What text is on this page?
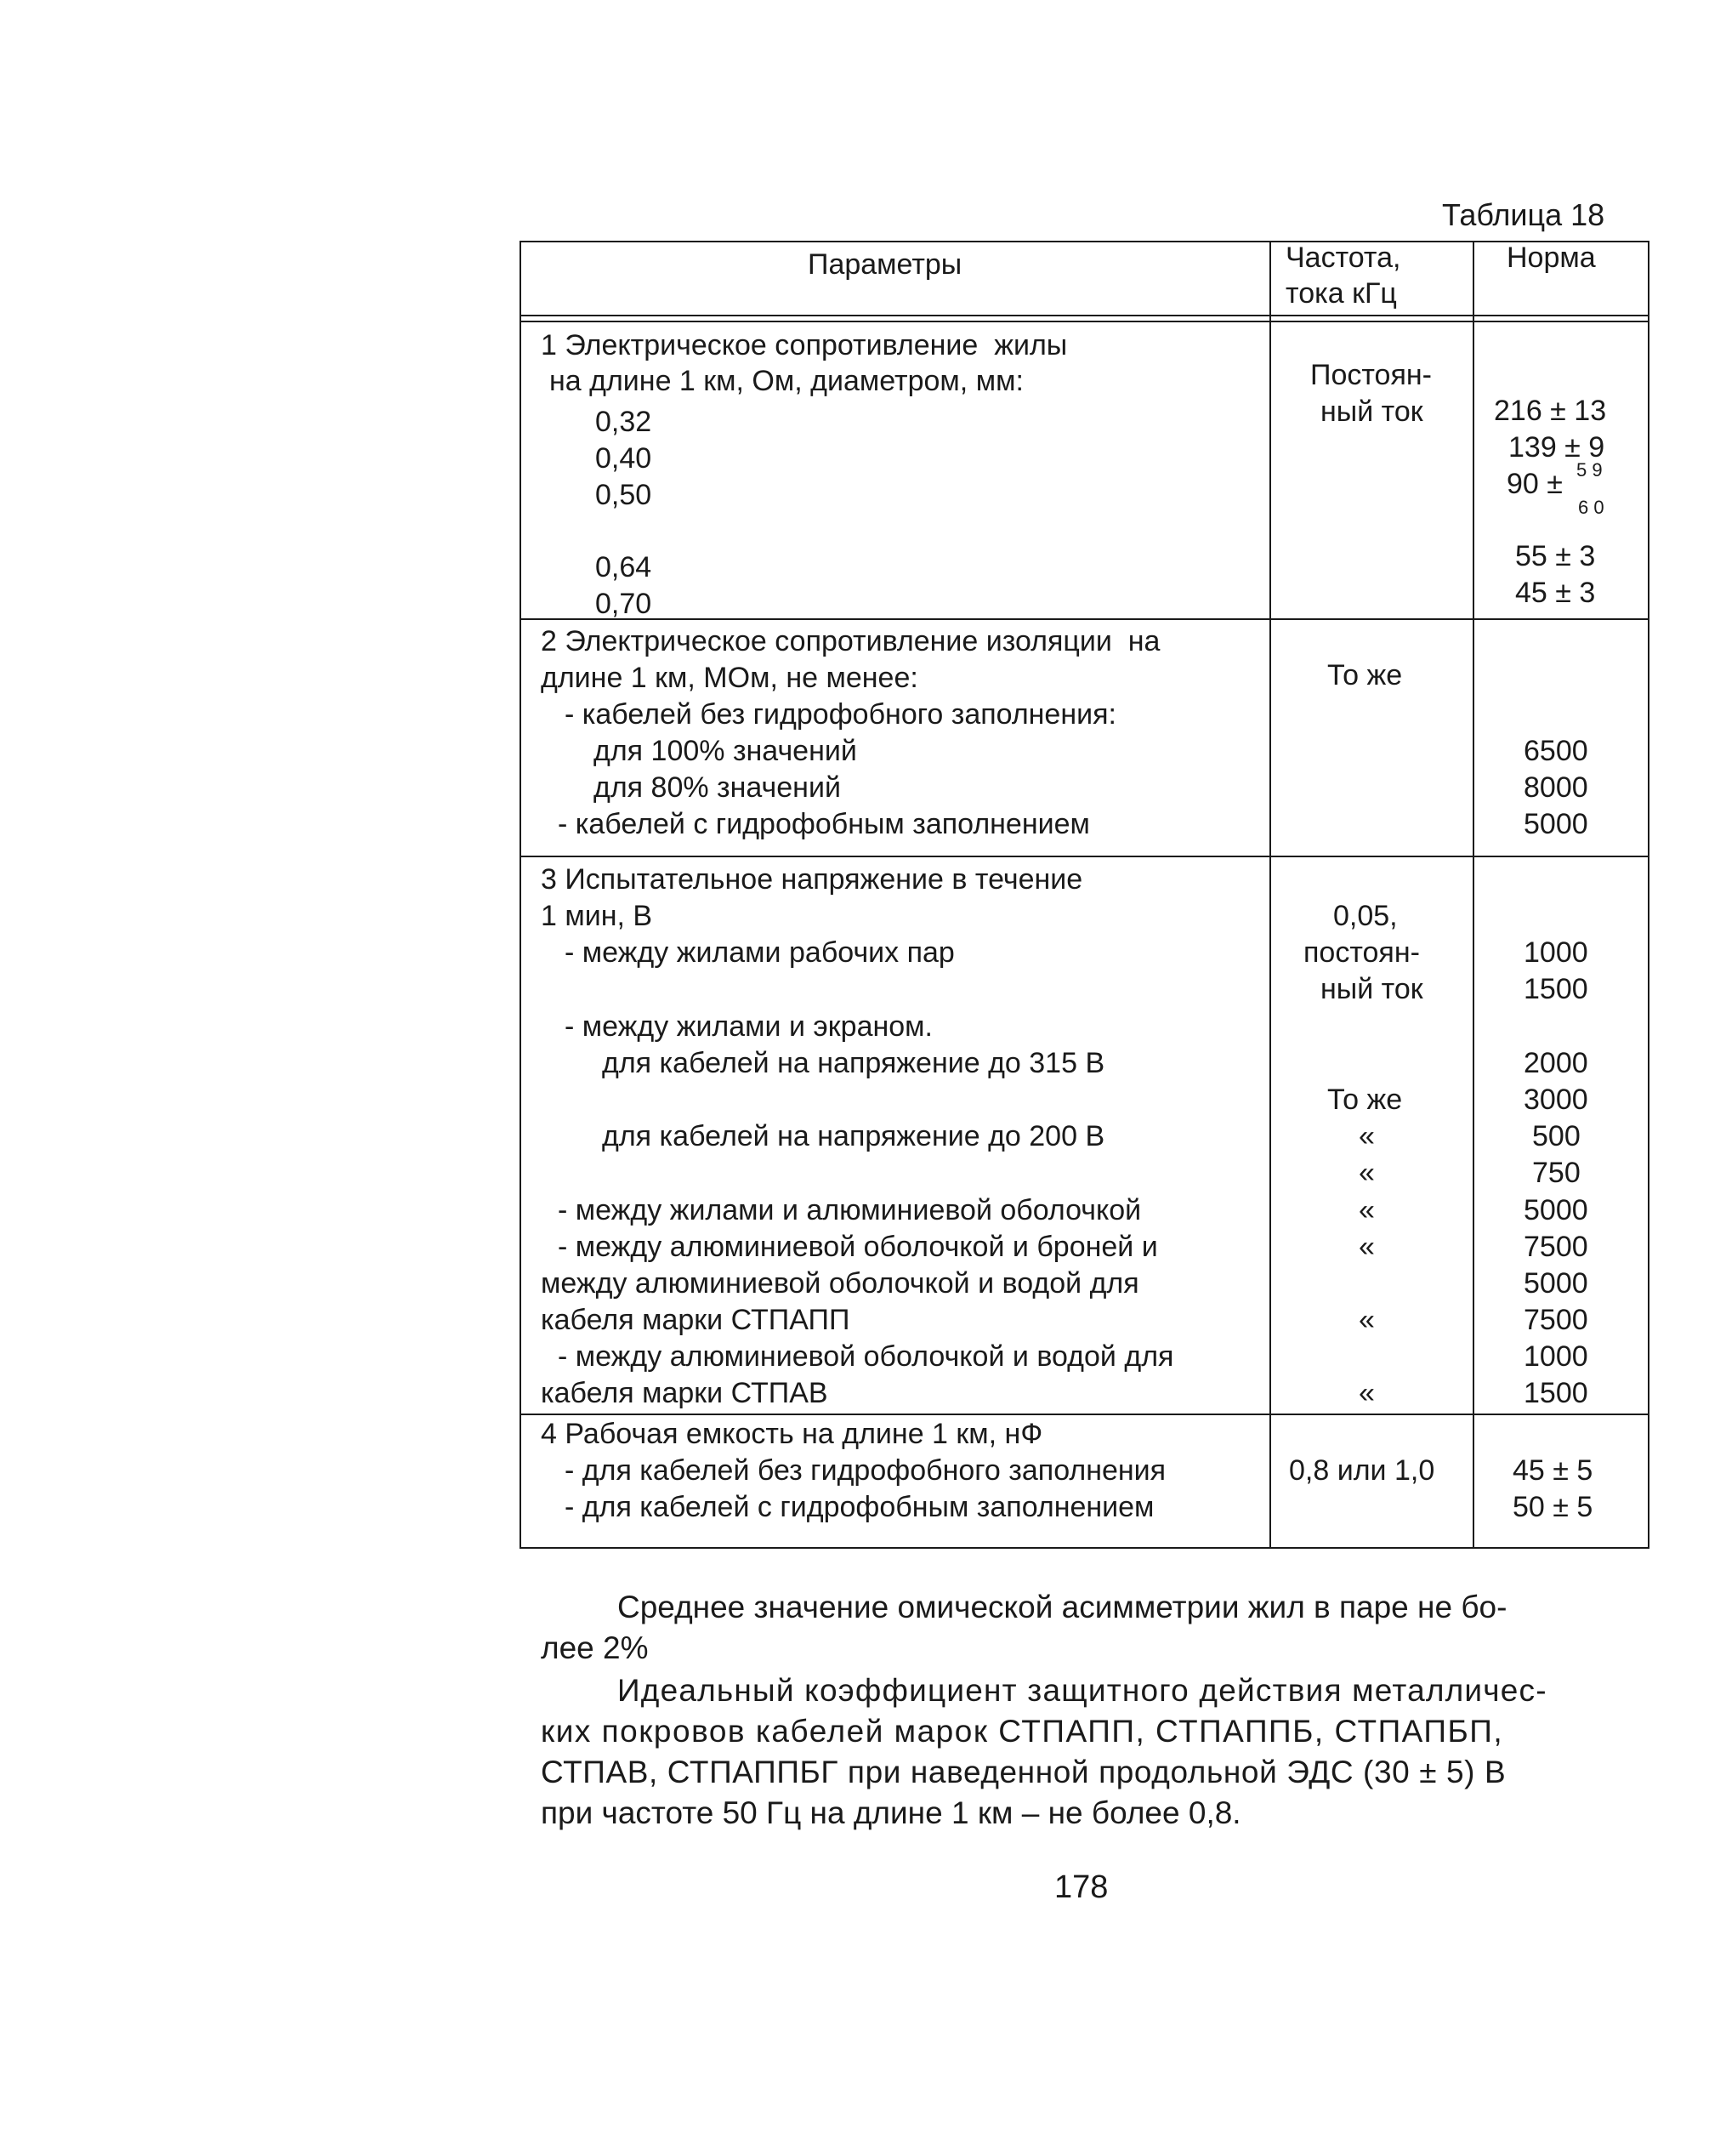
Таблица 18
Параметры	Частота,
тока кГц
Норма
1 Электрическое сопротивление  жилы
на длине 1 км, Ом, диаметром, мм:
0,32
0,40
0,50
0,64
0,70
Постоян-
ный ток 216 ± 13
139 ± 9
90 ± 5 9
6 0
55 ± 3
45 ± 3
2 Электрическое сопротивление изоляции  на
длине 1 км, МОм, не менее:
- кабелей без гидрофобного заполнения:
для 100% значений
для 80% значений
- кабелей с гидрофобным заполнением
То же
6500
8000
5000
3 Испытательное напряжение в течение
1 мин, В
- между жилами рабочих пар
- между жилами и экраном.
для кабелей на напряжение до 315 В
для кабелей на напряжение до 200 В
- между жилами и алюминиевой оболочкой
- между алюминиевой оболочкой и броней и
между алюминиевой оболочкой и водой для
кабеля марки СТПАПП
- между алюминиевой оболочкой и водой для
кабеля марки СТПАВ
0,05,
постоян-
ный ток
То же
«
«
«
«
«
«
1000
1500
2000
3000
500
750
5000
7500
5000
7500
1000
1500
4 Рабочая емкость на длине 1 км, нФ
- для кабелей без гидрофобного заполнения
- для кабелей с гидрофобным заполнением
0,8 или 1,0	45 ± 5
50 ± 5
Среднее значение омической асимметрии жил в паре не бо-
лее 2%
Идеальный коэффициент защитного действия металличес-
ких покровов кабелей марок СТПАПП, СТПАППБ, СТПАПБП,
СТПАВ, СТПАППБГ при наведенной продольной ЭДС (30 ± 5) В
при частоте 50 Гц на длине 1 км – не более 0,8.
178
